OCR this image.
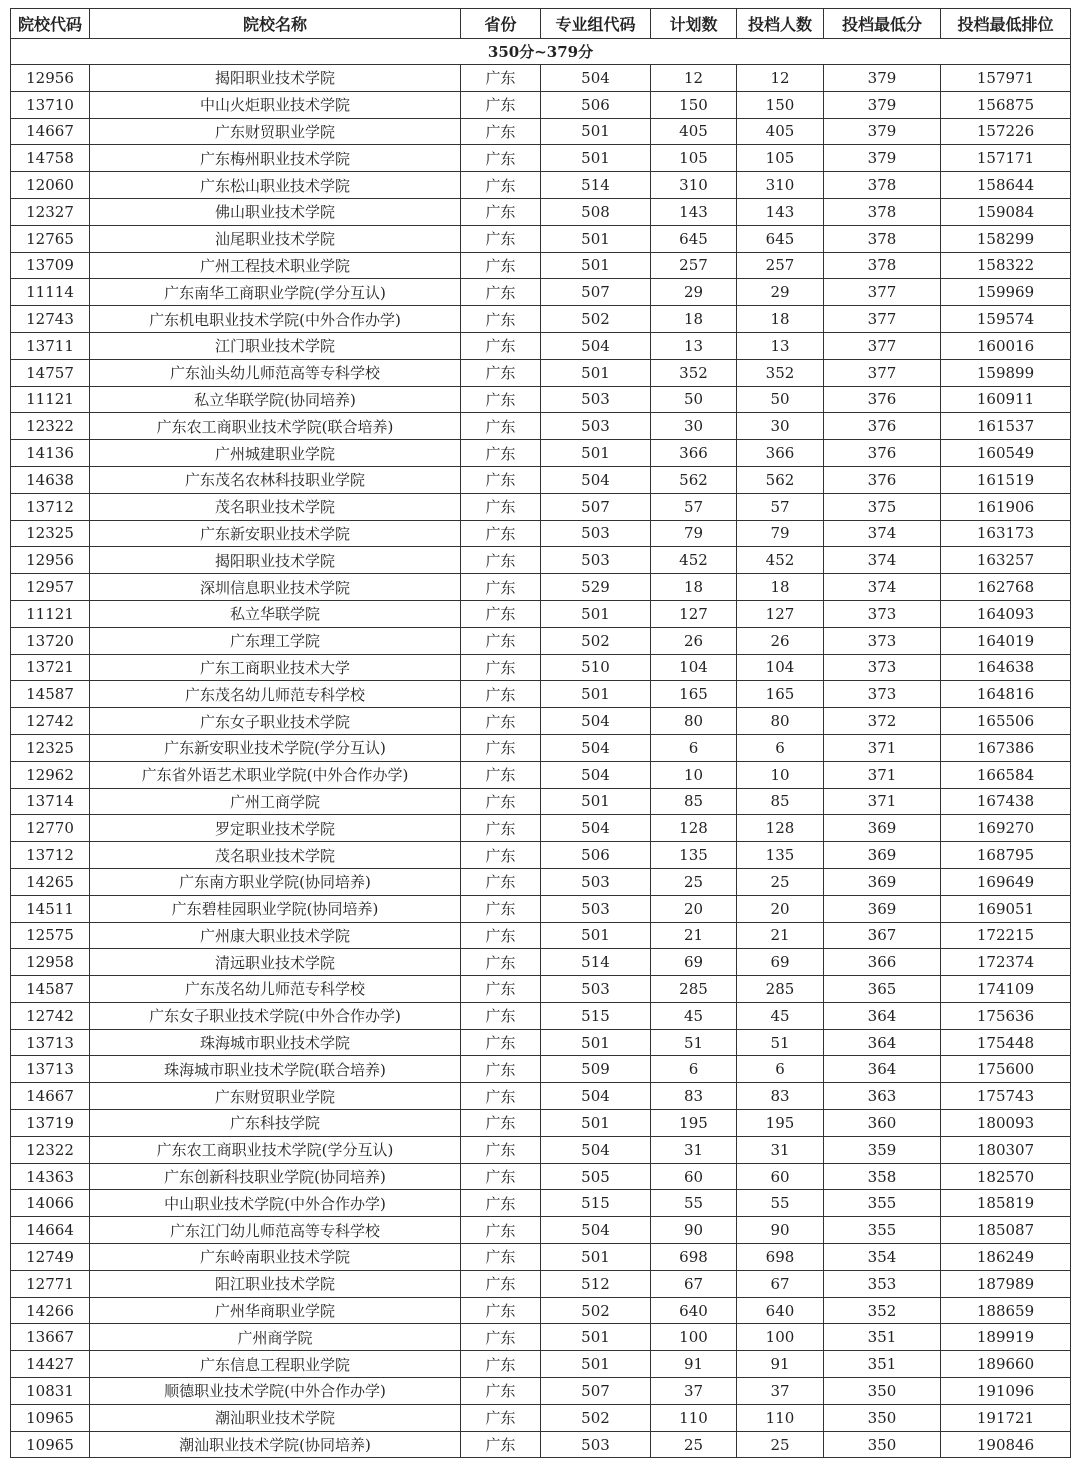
院校代码	院校名称	省份	专业组代码	计划数	投档人数	投档最低分	投档最低排位
350分~379分							
12956	揭阳职业技术学院	广东	504	12	12	379	157971
13710	中山火炬职业技术学院	广东	506	150	150	379	156875
14667	广东财贸职业学院	广东	501	405	405	379	157226
14758	广东梅州职业技术学院	广东	501	105	105	379	157171
12060	广东松山职业技术学院	广东	514	310	310	378	158644
12327	佛山职业技术学院	广东	508	143	143	378	159084
12765	汕尾职业技术学院	广东	501	645	645	378	158299
13709	广州工程技术职业学院	广东	501	257	257	378	158322
11114	广东南华工商职业学院(学分互认)	广东	507	29	29	377	159969
12743	广东机电职业技术学院(中外合作办学)	广东	502	18	18	377	159574
13711	江门职业技术学院	广东	504	13	13	377	160016
14757	广东汕头幼儿师范高等专科学校	广东	501	352	352	377	159899
11121	私立华联学院(协同培养)	广东	503	50	50	376	160911
12322	广东农工商职业技术学院(联合培养)	广东	503	30	30	376	161537
14136	广州城建职业学院	广东	501	366	366	376	160549
14638	广东茂名农林科技职业学院	广东	504	562	562	376	161519
13712	茂名职业技术学院	广东	507	57	57	375	161906
12325	广东新安职业技术学院	广东	503	79	79	374	163173
12956	揭阳职业技术学院	广东	503	452	452	374	163257
12957	深圳信息职业技术学院	广东	529	18	18	374	162768
11121	私立华联学院	广东	501	127	127	373	164093
13720	广东理工学院	广东	502	26	26	373	164019
13721	广东工商职业技术大学	广东	510	104	104	373	164638
14587	广东茂名幼儿师范专科学校	广东	501	165	165	373	164816
12742	广东女子职业技术学院	广东	504	80	80	372	165506
12325	广东新安职业技术学院(学分互认)	广东	504	6	6	371	167386
12962	广东省外语艺术职业学院(中外合作办学)	广东	504	10	10	371	166584
13714	广州工商学院	广东	501	85	85	371	167438
12770	罗定职业技术学院	广东	504	128	128	369	169270
13712	茂名职业技术学院	广东	506	135	135	369	168795
14265	广东南方职业学院(协同培养)	广东	503	25	25	369	169649
14511	广东碧桂园职业学院(协同培养)	广东	503	20	20	369	169051
12575	广州康大职业技术学院	广东	501	21	21	367	172215
12958	清远职业技术学院	广东	514	69	69	366	172374
14587	广东茂名幼儿师范专科学校	广东	503	285	285	365	174109
12742	广东女子职业技术学院(中外合作办学)	广东	515	45	45	364	175636
13713	珠海城市职业技术学院	广东	501	51	51	364	175448
13713	珠海城市职业技术学院(联合培养)	广东	509	6	6	364	175600
14667	广东财贸职业学院	广东	504	83	83	363	175743
13719	广东科技学院	广东	501	195	195	360	180093
12322	广东农工商职业技术学院(学分互认)	广东	504	31	31	359	180307
14363	广东创新科技职业学院(协同培养)	广东	505	60	60	358	182570
14066	中山职业技术学院(中外合作办学)	广东	515	55	55	355	185819
14664	广东江门幼儿师范高等专科学校	广东	504	90	90	355	185087
12749	广东岭南职业技术学院	广东	501	698	698	354	186249
12771	阳江职业技术学院	广东	512	67	67	353	187989
14266	广州华商职业学院	广东	502	640	640	352	188659
13667	广州商学院	广东	501	100	100	351	189919
14427	广东信息工程职业学院	广东	501	91	91	351	189660
10831	顺德职业技术学院(中外合作办学)	广东	507	37	37	350	191096
10965	潮汕职业技术学院	广东	502	110	110	350	191721
10965	潮汕职业技术学院(协同培养)	广东	503	25	25	350	190846
